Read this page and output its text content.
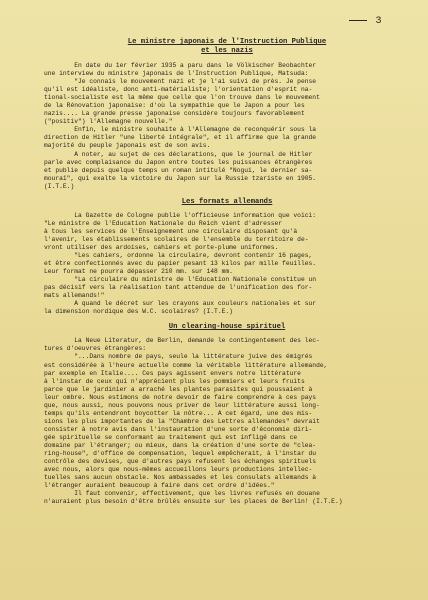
3
Le ministre japonais de l'Instruction Publique
et les nazis

En date du 1er février 1935 a paru dans le Völkischer Beobachter
une interview du ministre japonais de l'Instruction Publique, Matsuda:
"Je connais le mouvement nazi et je l'ai suivi de près. Je pense
qu'il est idéaliste, donc anti-matérialiste; l'orientation d'esprit na-
tional-socialiste est la même que celle que l'on trouve dans le mouvement
de la Rénovation japonaise: d'où la sympathie que le Japon a pour les
nazis.... La grande presse japonaise considère toujours favorablement
("positiv") l'Allemagne nouvelle."

Enfin, le ministre souhaite à l'Allemagne de reconquérir sous la
direction de Hitler "une liberté intégrale", et il affirme que la grande
majorité du peuple japonais est de son avis.

A noter, au sujet de ces déclarations, que le journal de Hitler
parle avec complaisance du Japon entre toutes les puissances étrangères
et publie depuis quelque temps un roman intitulé "Nogui, le dernier sa-
mouraï", qui exalte la victoire du Japon sur la Russie tzariste en 1905.
(I.T.E.)

Les formats allemands

La Gazette de Cologne publie l'officieuse information que voici:
"Le ministre de l'Education Nationale du Reich vient d'adresser
à tous les services de l'Enseignement une circulaire disposant qu'à
l'avenir, les établissements scolaires de l'ensemble du territoire de-
vront utiliser des ardoises, cahiers et porte-plume uniformes.
"Les cahiers, ordonne la circulaire, devront contenir 16 pages,
et être confectionnés avec du papier pesant 13 kilos par mille feuilles.
Leur format ne pourra dépasser 210 mm. sur 148 mm.
"La circulaire du ministre de l'Education Nationale constitue un
pas décisif vers la réalisation tant attendue de l'unification des for-
mats allemands!"

A quand le décret sur les crayons aux couleurs nationales et sur
la dimension nordique des W.C. scolaires? (I.T.E.)

Un clearing-house spirituel

La Neue Literatur, de Berlin, demande le contingentement des lec-
tures d'oeuvres étrangères:
"...Dans nombre de pays, seule la littérature juive des émigrés
est considérée à l'heure actuelle comme la véritable littérature allemande,
par exemple en Italie.... Ces pays agissent envers notre littérature
à l'instar de ceux qui n'apprécient plus les pommiers et leurs fruits
parce que le jardinier a arraché les plantes parasites qui poussaient à
leur ombre. Nous estimons de notre devoir de faire comprendre à ces pays
que, nous aussi, nous pouvons nous priver de leur littérature aussi long-
temps qu'ils entendront boycotter la nôtre... A cet égard, une des mis-
sions les plus importantes de la "Chambre des Lettres allemandes" devrait
consister à notre avis dans l'instauration d'une sorte d'économie diri-
gée spirituelle se conformant au traitement qui est infligé dans ce
domaine par l'étranger; ou mieux, dans la création d'une sorte de "clea-
ring-house", d'office de compensation, lequel empêcherait, à l'instar du
contrôle des devises, que d'autres pays refusent les échanges spirituels
avec nous, alors que nous-mêmes accueillons leurs productions intellec-
tuelles sans aucun obstacle. Nos ambassades et les consulats allemands à
l'étranger auraient beaucoup à faire dans cet ordre d'idées."

Il faut convenir, effectivement, que les livres refusés en douane
n'auraient plus besoin d'être brûlés ensuite sur les places de Berlin! (I.T.E.)
